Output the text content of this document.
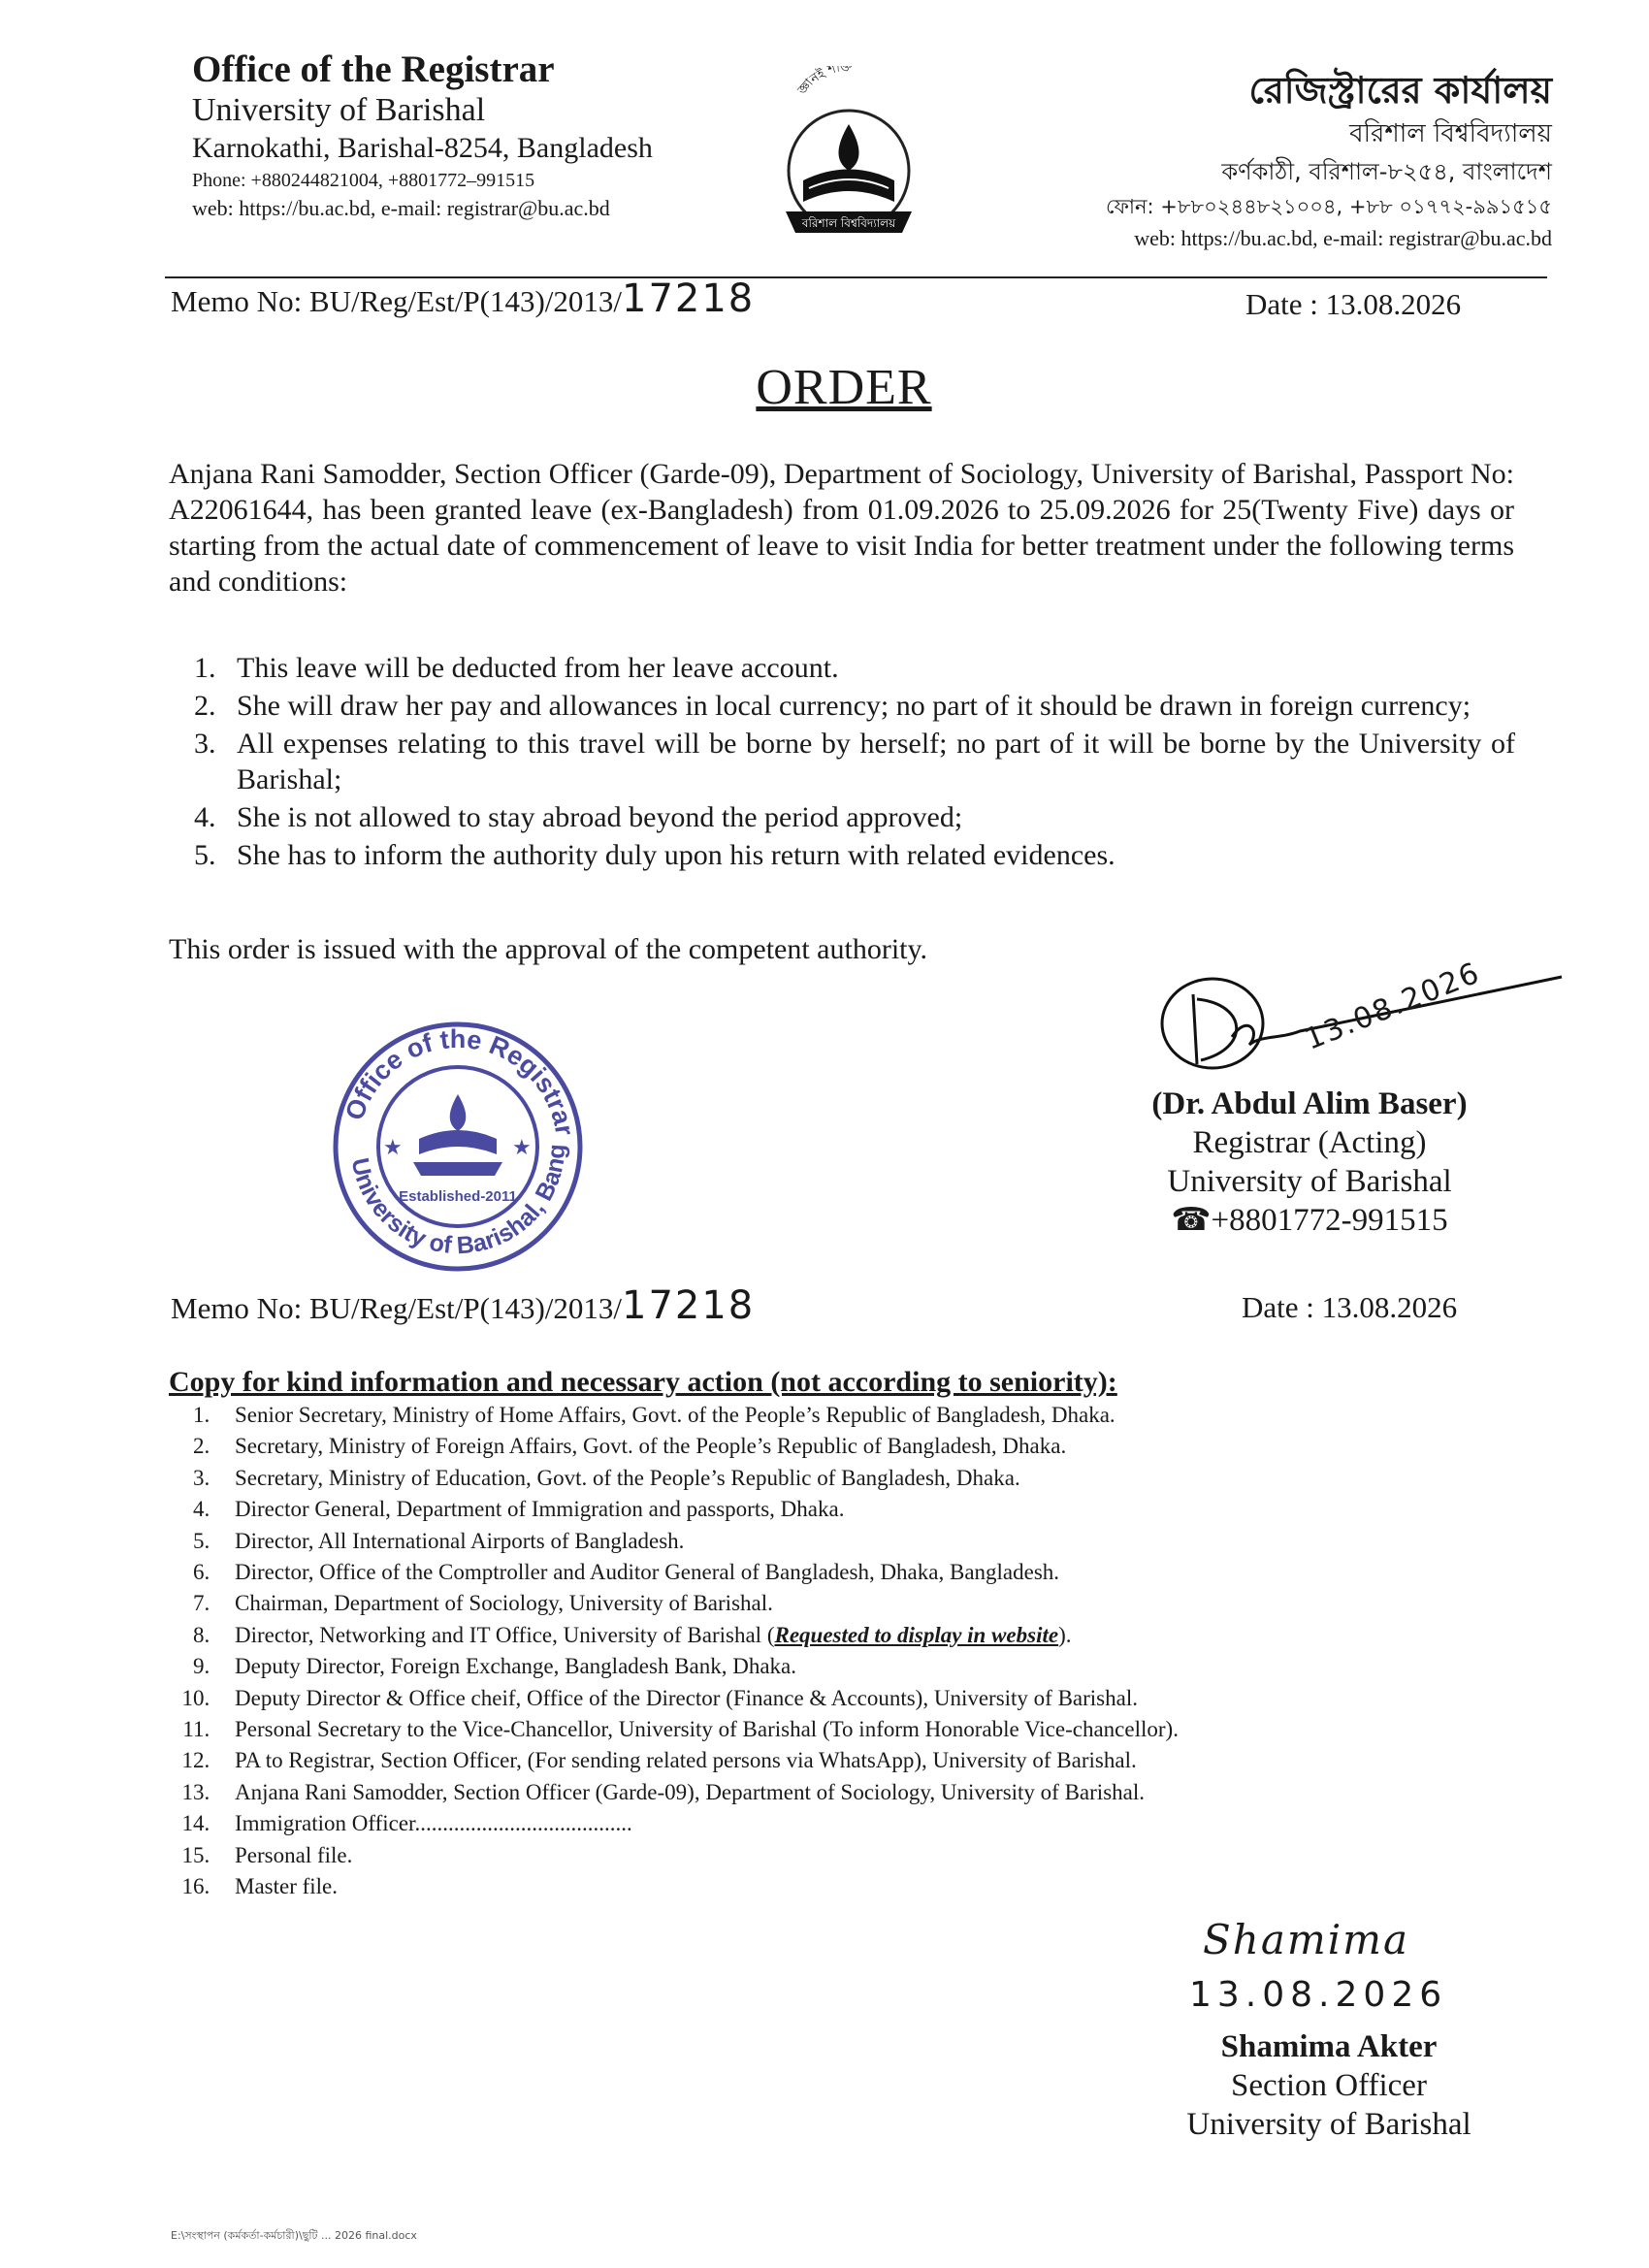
Office of the Registrar
University of Barishal
Karnokathi, Barishal-8254, Bangladesh
Phone: +880244821004, +8801772–991515
web: https://bu.ac.bd, e-mail: registrar@bu.ac.bd
জ্ঞানই শক্তি
বরিশাল বিশ্ববিদ্যালয়
রেজিস্ট্রারের কার্যালয়
বরিশাল বিশ্ববিদ্যালয়
কর্ণকাঠী, বরিশাল-৮২৫৪, বাংলাদেশ
ফোন: +৮৮০২৪৪৮২১০০৪, +৮৮ ০১৭৭২-৯৯১৫১৫
web: https://bu.ac.bd, e-mail: registrar@bu.ac.bd
Memo No: BU/Reg/Est/P(143)/2013/17218	Date : 13.08.2026
ORDER
Anjana Rani Samodder, Section Officer (Garde-09), Department of Sociology, University of Barishal, Passport No: A22061644, has been granted leave (ex-Bangladesh) from 01.09.2026 to 25.09.2026 for 25(Twenty Five) days or starting from the actual date of commencement of leave to visit India for better treatment under the following terms and conditions:
1. This leave will be deducted from her leave account.
2. She will draw her pay and allowances in local currency; no part of it should be drawn in foreign currency;
3. All expenses relating to this travel will be borne by herself; no part of it will be borne by the University of Barishal;
4. She is not allowed to stay abroad beyond the period approved;
5. She has to inform the authority duly upon his return with related evidences.
This order is issued with the approval of the competent authority.
Office of the Registrar
University of Barishal, Bang
★	★
Established-2011
13.08.2026
(Dr. Abdul Alim Baser)
Registrar (Acting)
University of Barishal
☎+8801772-991515
Memo No: BU/Reg/Est/P(143)/2013/17218	Date : 13.08.2026
Copy for kind information and necessary action (not according to seniority):
1. Senior Secretary, Ministry of Home Affairs, Govt. of the People’s Republic of Bangladesh, Dhaka.
2. Secretary, Ministry of Foreign Affairs, Govt. of the People’s Republic of Bangladesh, Dhaka.
3. Secretary, Ministry of Education, Govt. of the People’s Republic of Bangladesh, Dhaka.
4. Director General, Department of Immigration and passports, Dhaka.
5. Director, All International Airports of Bangladesh.
6. Director, Office of the Comptroller and Auditor General of Bangladesh, Dhaka, Bangladesh.
7. Chairman, Department of Sociology, University of Barishal.
8. Director, Networking and IT Office, University of Barishal (Requested to display in website).
9. Deputy Director, Foreign Exchange, Bangladesh Bank, Dhaka.
10. Deputy Director & Office cheif, Office of the Director (Finance & Accounts), University of Barishal.
11. Personal Secretary to the Vice-Chancellor, University of Barishal (To inform Honorable Vice-chancellor).
12. PA to Registrar, Section Officer, (For sending related persons via WhatsApp), University of Barishal.
13. Anjana Rani Samodder, Section Officer (Garde-09), Department of Sociology, University of Barishal.
14. Immigration Officer.......................................
15. Personal file.
16. Master file.
Shamima
13.08.2026
Shamima Akter
Section Officer
University of Barishal
E:\সংস্থাপন (কর্মকর্তা-কর্মচারী)\ছুটি ... 2026 final.docx
